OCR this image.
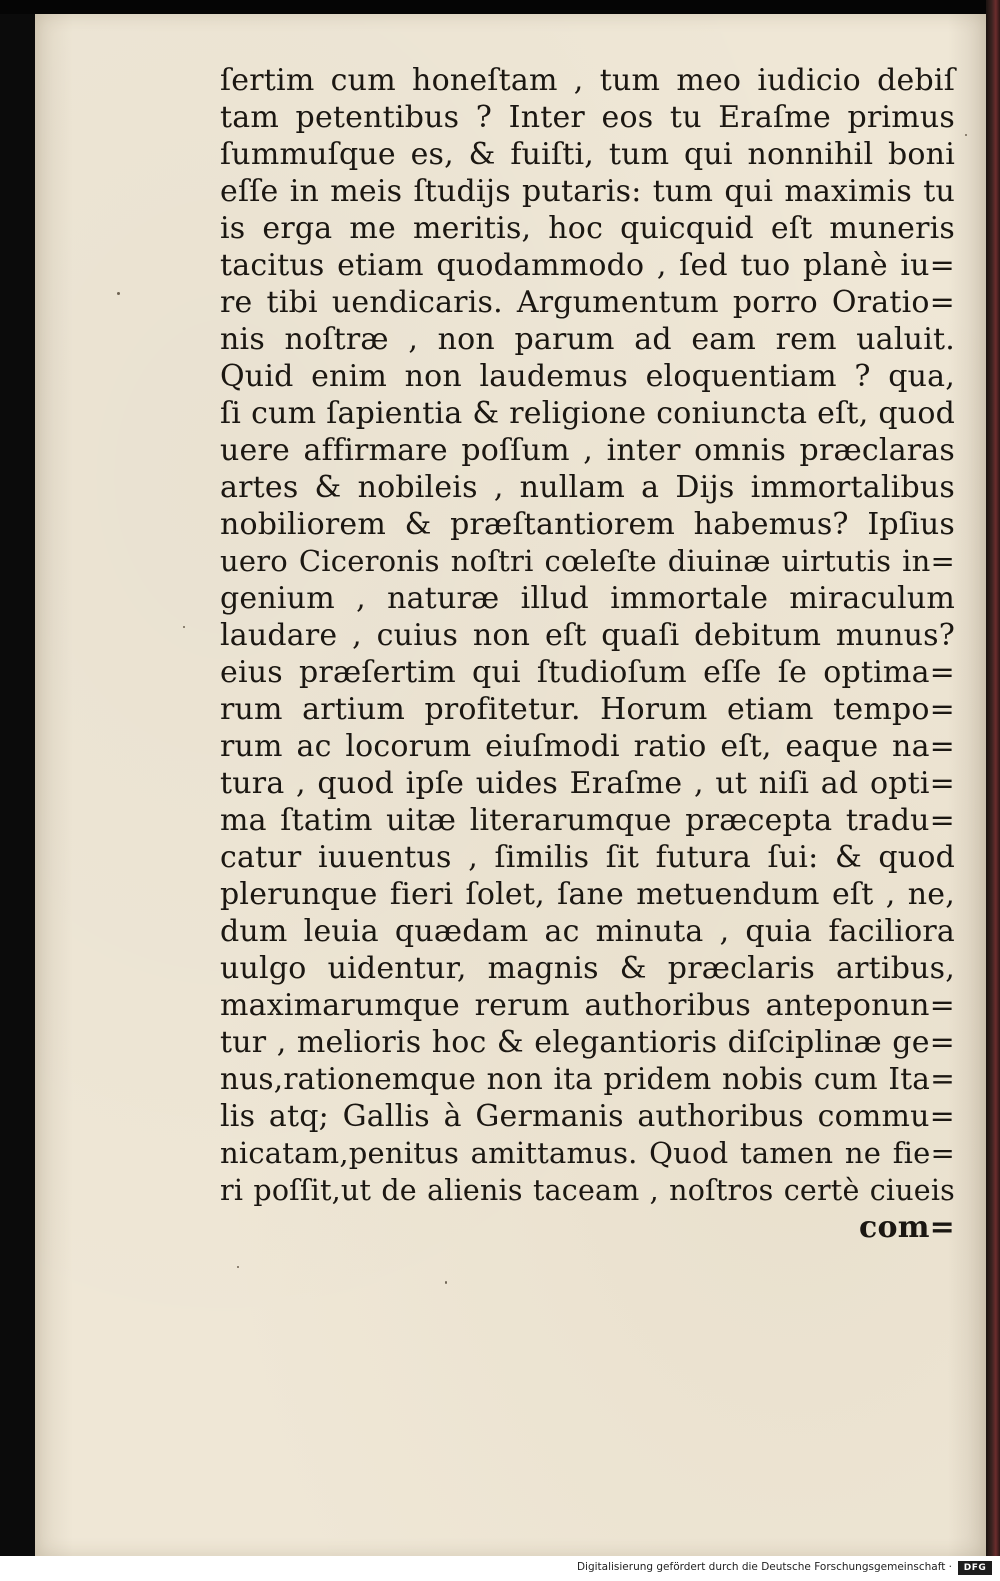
ſertim cum honeſtam , tum meo iudicio debiſ
tam petentibus ? Inter eos tu Eraſme primus
ſummuſque es, & fuiſti, tum qui nonnihil boni
eſſe in meis ſtudijs putaris: tum qui maximis tu
is erga me meritis, hoc quicquid eſt muneris
tacitus etiam quodammodo , ſed tuo planè iu=
re tibi uendicaris. Argumentum porro Oratio=
nis noſtræ , non parum ad eam rem ualuit.
Quid enim non laudemus eloquentiam ? qua,
ſi cum ſapientia & religione coniuncta eſt, quod
uere affirmare poſſum , inter omnis præclaras
artes & nobileis , nullam a Dijs immortalibus
nobiliorem & præſtantiorem habemus? Ipſius
uero Ciceronis noſtri cœleſte diuinæ uirtutis in=
genium , naturæ illud immortale miraculum
laudare , cuius non eſt quaſi debitum munus?
eius præſertim qui ſtudioſum eſſe ſe optima=
rum artium profitetur. Horum etiam tempo=
rum ac locorum eiuſmodi ratio eſt, eaque na=
tura , quod ipſe uides Eraſme , ut niſi ad opti=
ma ſtatim uitæ literarumque præcepta tradu=
catur iuuentus , ſimilis ſit futura ſui: & quod
plerunque fieri ſolet, ſane metuendum eſt , ne,
dum leuia quædam ac minuta , quia faciliora
uulgo uidentur, magnis & præclaris artibus,
maximarumque rerum authoribus anteponun=
tur , melioris hoc & elegantioris diſciplinæ ge=
nus,rationemque non ita pridem nobis cum Ita=
lis atq; Gallis à Germanis authoribus commu=
nicatam,penitus amittamus. Quod tamen ne fie=
ri poſſit,ut de alienis taceam , noſtros certè ciueis
com=
Digitalisierung gefördert durch die Deutsche Forschungsgemeinschaft ·	DFG
